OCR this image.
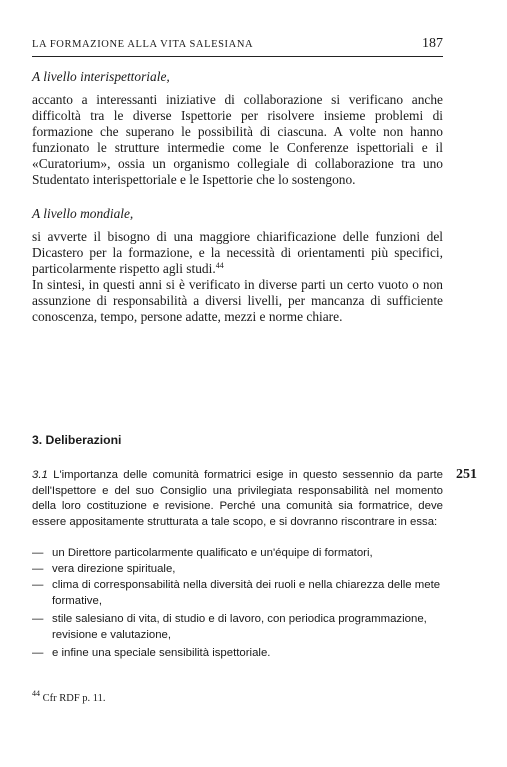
LA FORMAZIONE ALLA VITA SALESIANA	187
A livello interispettoriale,

accanto a interessanti iniziative di collaborazione si verificano anche difficoltà tra le diverse Ispettorie per risolvere insieme problemi di formazione che superano le possibilità di ciascuna. A volte non hanno funzionato le strutture intermedie come le Conferenze ispettoriali e il «Curatorium», ossia un organismo collegiale di collaborazione tra uno Studentato interispettoriale e le Ispettorie che lo sostengono.

A livello mondiale,

si avverte il bisogno di una maggiore chiarificazione delle funzioni del Dicastero per la formazione, e la necessità di orientamenti più specifici, particolarmente rispetto agli studi.$^{44}$

In sintesi, in questi anni si è verificato in diverse parti un certo vuoto o non assunzione di responsabilità a diversi livelli, per mancanza di sufficiente conoscenza, tempo, persone adatte, mezzi e norme chiare.

3. Deliberazioni
251

3.1 L'importanza delle comunità formatrici esige in questo sessennio da parte dell'Ispettore e del suo Consiglio una privilegiata responsabilità nel momento della loro costituzione e revisione. Perché una comunità sia formatrice, deve essere appositamente strutturata a tale scopo, e si dovranno riscontrare in essa:

— un Direttore particolarmente qualificato e un'équipe di formatori,
— vera direzione spirituale,
— clima di corresponsabilità nella diversità dei ruoli e nella chiarezza delle mete formative,
— stile salesiano di vita, di studio e di lavoro, con periodica programmazione, revisione e valutazione,
— e infine una speciale sensibilità ispettoriale.
$^{44}$ Cfr RDF p. 11.
